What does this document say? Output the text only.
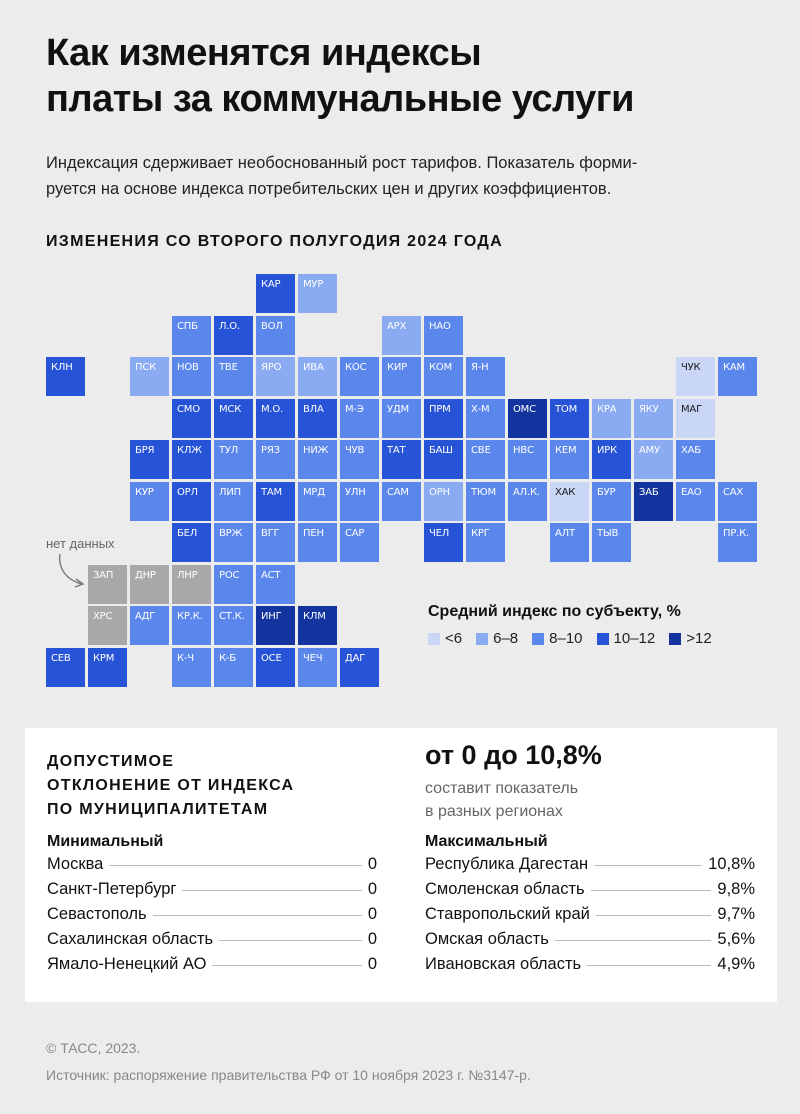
Как изменятся индексы
платы за коммунальные услуги
Индексация сдерживает необоснованный рост тарифов. Показатель форми-
руется на основе индекса потребительских цен и других коэффициентов.
ИЗМЕНЕНИЯ СО ВТОРОГО ПОЛУГОДИЯ 2024 ГОДА
КАР	МУР
СПБ	Л.О.	ВОЛ	АРХ	НАО
КЛН	ПСК	НОВ	ТВЕ	ЯРО	ИВА	КОС	КИР	КОМ	Я-Н	ЧУК	КАМ
СМО	МСК	М.О.	ВЛА	М-Э	УДМ	ПРМ	Х-М	ОМС	ТОМ	КРА	ЯКУ	МАГ
БРЯ	КЛЖ	ТУЛ	РЯЗ	НИЖ	ЧУВ	ТАТ	БАШ	СВЕ	НВС	КЕМ	ИРК	АМУ	ХАБ
КУР	ОРЛ	ЛИП	ТАМ	МРД	УЛН	САМ	ОРН	ТЮМ	АЛ.К.	ХАК	БУР	ЗАБ	ЕАО	САХ
БЕЛ	ВРЖ	ВГГ	ПЕН	САР	ЧЕЛ	КРГ	АЛТ	ТЫВ	ПР.К.
ЗАП	ДНР	ЛНР	РОС	АСТ
ХРС	АДГ	КР.К.	СТ.К.	ИНГ	КЛМ
СЕВ	КРМ	К-Ч	К-Б	ОСЕ	ЧЕЧ	ДАГ
нет данных
Средний индекс по субъекту, %
<6 6–8 8–10 10–12 >12
ДОПУСТИМОЕ
ОТКЛОНЕНИЕ ОТ ИНДЕКСА
ПО МУНИЦИПАЛИТЕТАМ
от 0 до 10,8%
составит показатель
в разных регионах
Минимальный
Москва	0
Санкт-Петербург	0
Севастополь	0
Сахалинская область	0
Ямало-Ненецкий АО	0
Максимальный
Республика Дагестан	10,8%
Смоленская область	9,8%
Ставропольский край	9,7%
Омская область	5,6%
Ивановская область	4,9%
© ТАСС, 2023.
Источник: распоряжение правительства РФ от 10 ноября 2023 г. №3147-р.
